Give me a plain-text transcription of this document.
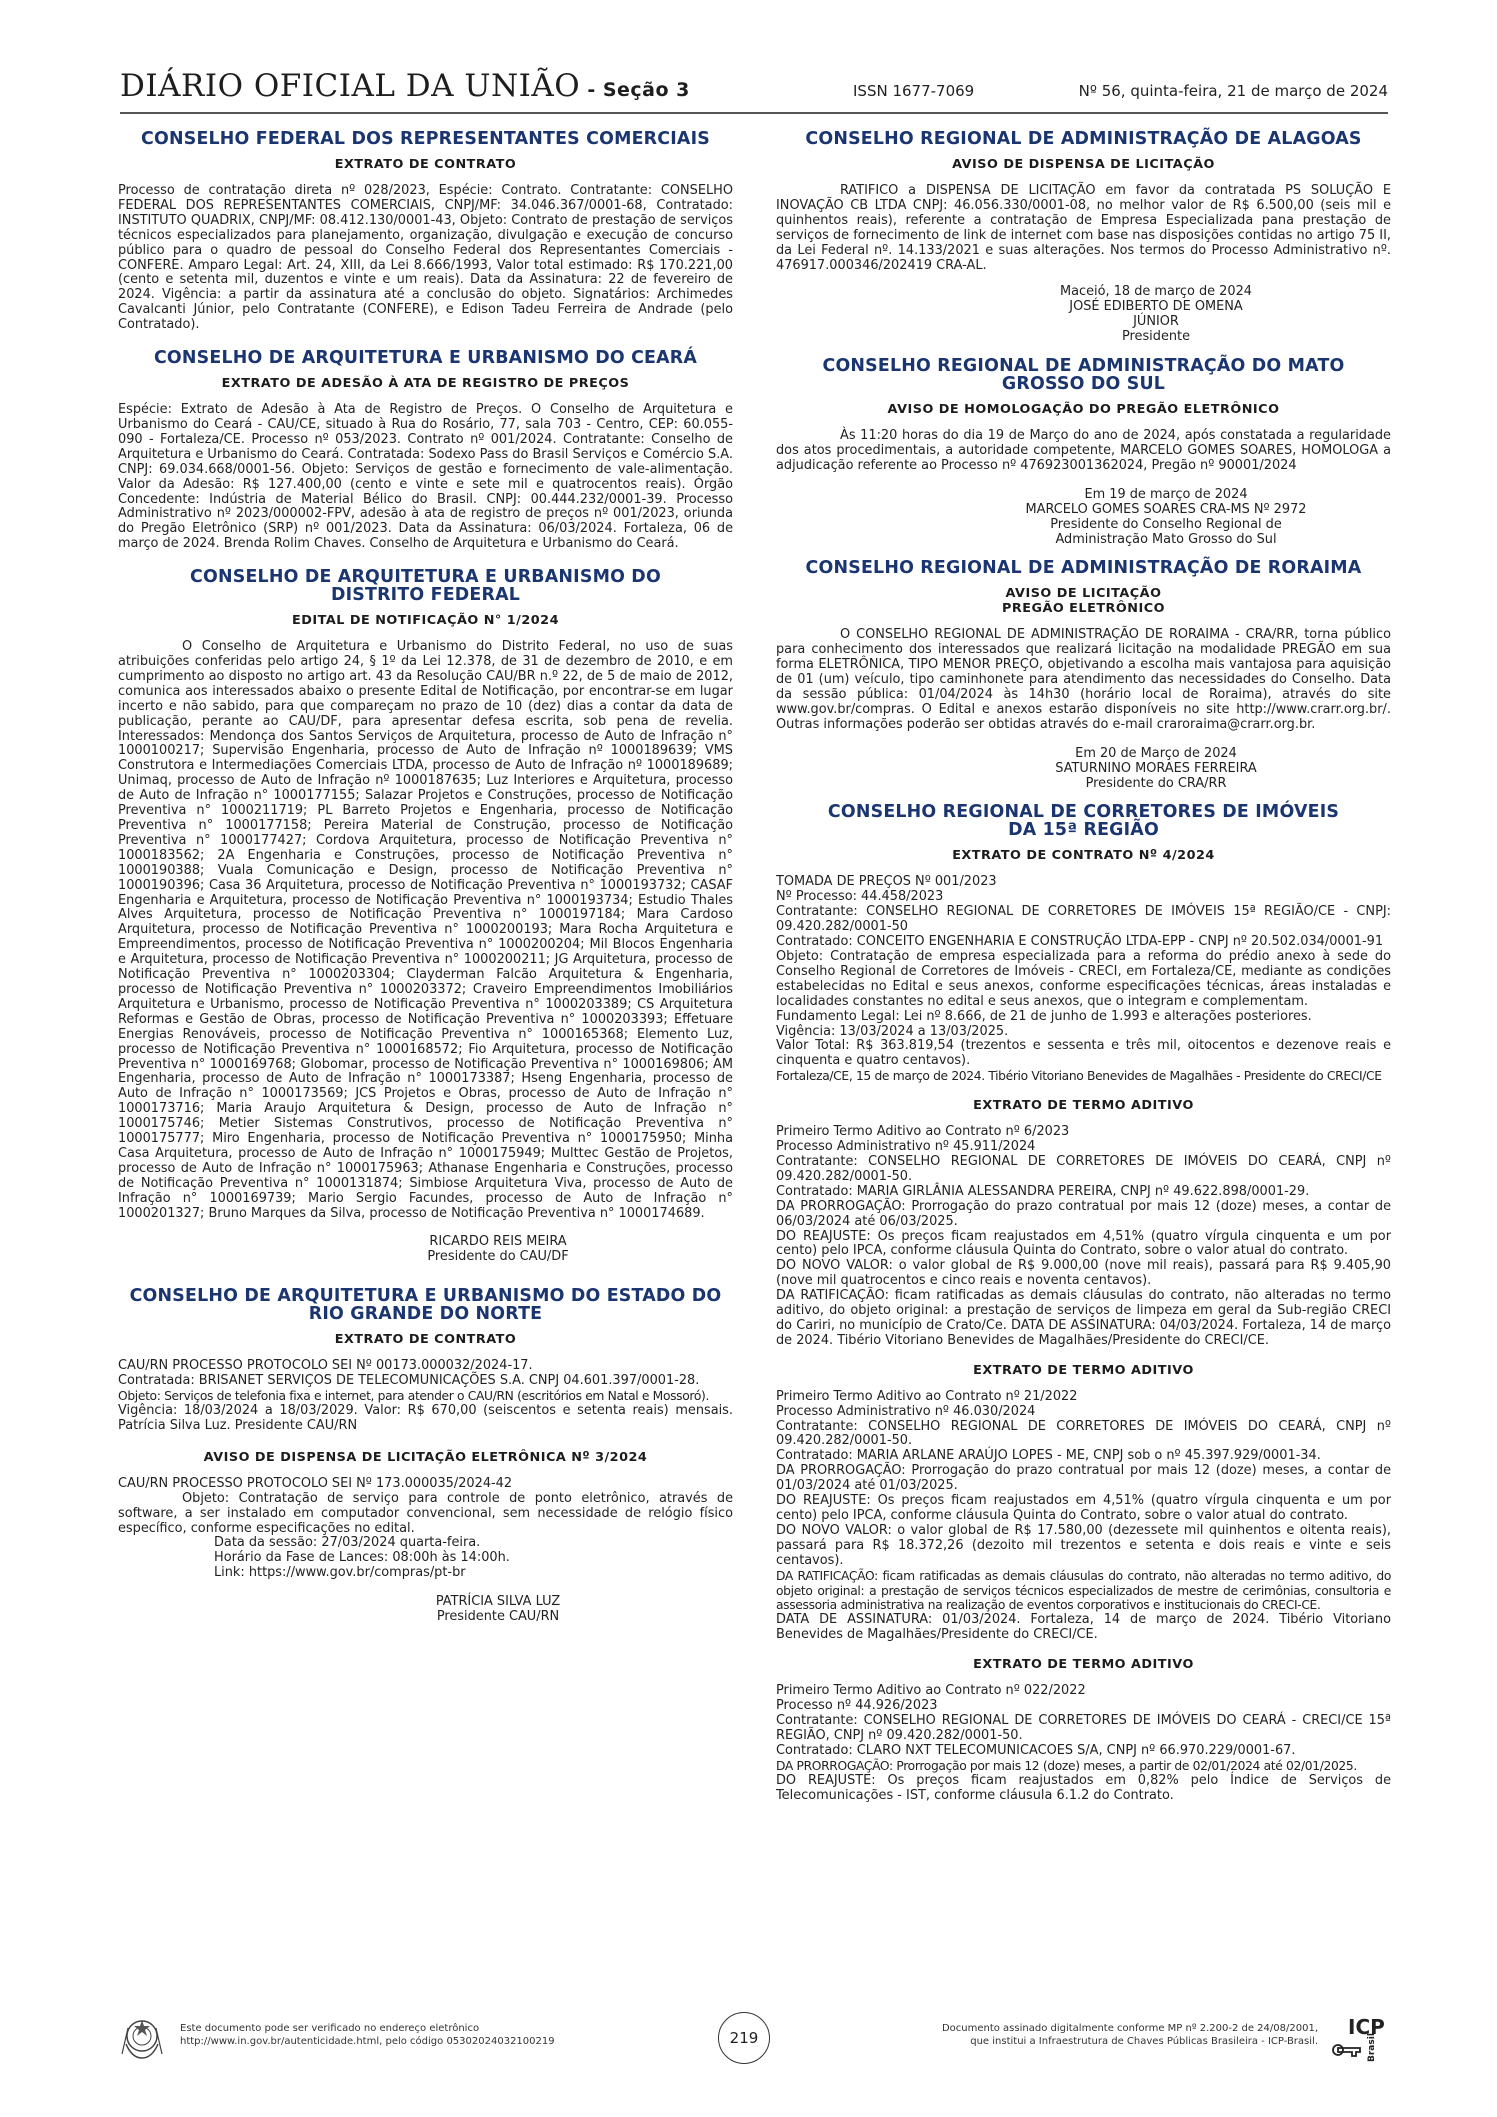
DIÁRIO OFICIAL DA UNIÃO - Seção 3	ISSN 1677-7069	Nº 56, quinta-feira, 21 de março de 2024
CONSELHO FEDERAL DOS REPRESENTANTES COMERCIAIS
EXTRATO DE CONTRATO

Processo de contratação direta nº 028/2023, Espécie: Contrato. Contratante: CONSELHO FEDERAL DOS REPRESENTANTES COMERCIAIS, CNPJ/MF: 34.046.367/0001-68, Contratado: INSTITUTO QUADRIX, CNPJ/MF: 08.412.130/0001-43, Objeto: Contrato de prestação de serviços técnicos especializados para planejamento, organização, divulgação e execução de concurso público para o quadro de pessoal do Conselho Federal dos Representantes Comerciais - CONFERE. Amparo Legal: Art. 24, XIII, da Lei 8.666/1993, Valor total estimado: R$ 170.221,00 (cento e setenta mil, duzentos e vinte e um reais). Data da Assinatura: 22 de fevereiro de 2024. Vigência: a partir da assinatura até a conclusão do objeto. Signatários: Archimedes Cavalcanti Júnior, pelo Contratante (CONFERE), e Edison Tadeu Ferreira de Andrade (pelo Contratado).

CONSELHO DE ARQUITETURA E URBANISMO DO CEARÁ
EXTRATO DE ADESÃO À ATA DE REGISTRO DE PREÇOS

Espécie: Extrato de Adesão à Ata de Registro de Preços. O Conselho de Arquitetura e Urbanismo do Ceará - CAU/CE, situado à Rua do Rosário, 77, sala 703 - Centro, CEP: 60.055-090 - Fortaleza/CE. Processo nº 053/2023. Contrato nº 001/2024. Contratante: Conselho de Arquitetura e Urbanismo do Ceará. Contratada: Sodexo Pass do Brasil Serviços e Comércio S.A. CNPJ: 69.034.668/0001-56. Objeto: Serviços de gestão e fornecimento de vale-alimentação. Valor da Adesão: R$ 127.400,00 (cento e vinte e sete mil e quatrocentos reais). Órgão Concedente: Indústria de Material Bélico do Brasil. CNPJ: 00.444.232/0001-39. Processo Administrativo nº 2023/000002-FPV, adesão à ata de registro de preços nº 001/2023, oriunda do Pregão Eletrônico (SRP) nº 001/2023. Data da Assinatura: 06/03/2024. Fortaleza, 06 de março de 2024. Brenda Rolim Chaves. Conselho de Arquitetura e Urbanismo do Ceará.

CONSELHO DE ARQUITETURA E URBANISMO DO DISTRITO FEDERAL
EDITAL DE NOTIFICAÇÃO N° 1/2024

O Conselho de Arquitetura e Urbanismo do Distrito Federal, no uso de suas atribuições conferidas pelo artigo 24, § 1º da Lei 12.378, de 31 de dezembro de 2010, e em cumprimento ao disposto no artigo art. 43 da Resolução CAU/BR n.º 22, de 5 de maio de 2012, comunica aos interessados abaixo o presente Edital de Notificação, por encontrar-se em lugar incerto e não sabido, para que compareçam no prazo de 10 (dez) dias a contar da data de publicação, perante ao CAU/DF, para apresentar defesa escrita, sob pena de revelia. Interessados: Mendonça dos Santos Serviços de Arquitetura, processo de Auto de Infração n° 1000100217; Supervisão Engenharia, processo de Auto de Infração nº 1000189639; VMS Construtora e Intermediações Comerciais LTDA, processo de Auto de Infração nº 1000189689; Unimaq, processo de Auto de Infração nº 1000187635; Luz Interiores e Arquitetura, processo de Auto de Infração n° 1000177155; Salazar Projetos e Construções, processo de Notificação Preventiva n° 1000211719; PL Barreto Projetos e Engenharia, processo de Notificação Preventiva n° 1000177158; Pereira Material de Construção, processo de Notificação Preventiva n° 1000177427; Cordova Arquitetura, processo de Notificação Preventiva n° 1000183562; 2A Engenharia e Construções, processo de Notificação Preventiva n° 1000190388; Vuala Comunicação e Design, processo de Notificação Preventiva n° 1000190396; Casa 36 Arquitetura, processo de Notificação Preventiva n° 1000193732; CASAF Engenharia e Arquitetura, processo de Notificação Preventiva n° 1000193734; Estudio Thales Alves Arquitetura, processo de Notificação Preventiva n° 1000197184; Mara Cardoso Arquitetura, processo de Notificação Preventiva n° 1000200193; Mara Rocha Arquitetura e Empreendimentos, processo de Notificação Preventiva n° 1000200204; Mil Blocos Engenharia e Arquitetura, processo de Notificação Preventiva n° 1000200211; JG Arquitetura, processo de Notificação Preventiva n° 1000203304; Clayderman Falcão Arquitetura & Engenharia, processo de Notificação Preventiva n° 1000203372; Craveiro Empreendimentos Imobiliários Arquitetura e Urbanismo, processo de Notificação Preventiva n° 1000203389; CS Arquitetura Reformas e Gestão de Obras, processo de Notificação Preventiva n° 1000203393; Effetuare Energias Renováveis, processo de Notificação Preventiva n° 1000165368; Elemento Luz, processo de Notificação Preventiva n° 1000168572; Fio Arquitetura, processo de Notificação Preventiva n° 1000169768; Globomar, processo de Notificação Preventiva n° 1000169806; AM Engenharia, processo de Auto de Infração n° 1000173387; Hseng Engenharia, processo de Auto de Infração n° 1000173569; JCS Projetos e Obras, processo de Auto de Infração n° 1000173716; Maria Araujo Arquitetura & Design, processo de Auto de Infração n° 1000175746; Metier Sistemas Construtivos, processo de Notificação Preventiva n° 1000175777; Miro Engenharia, processo de Notificação Preventiva n° 1000175950; Minha Casa Arquitetura, processo de Auto de Infração n° 1000175949; Multtec Gestão de Projetos, processo de Auto de Infração n° 1000175963; Athanase Engenharia e Construções, processo de Notificação Preventiva n° 1000131874; Simbiose Arquitetura Viva, processo de Auto de Infração n° 1000169739; Mario Sergio Facundes, processo de Auto de Infração n° 1000201327; Bruno Marques da Silva, processo de Notificação Preventiva n° 1000174689.

RICARDO REIS MEIRA
Presidente do CAU/DF
CONSELHO DE ARQUITETURA E URBANISMO DO ESTADO DO RIO GRANDE DO NORTE
EXTRATO DE CONTRATO

CAU/RN PROCESSO PROTOCOLO SEI Nº 00173.000032/2024-17.

Contratada: BRISANET SERVIÇOS DE TELECOMUNICAÇÕES S.A. CNPJ 04.601.397/0001-28.

Objeto: Serviços de telefonia fixa e internet, para atender o CAU/RN (escritórios em Natal e Mossoró).

Vigência: 18/03/2024 a 18/03/2029. Valor: R$ 670,00 (seiscentos e setenta reais) mensais. Patrícia Silva Luz. Presidente CAU/RN

AVISO DE DISPENSA DE LICITAÇÃO ELETRÔNICA Nº 3/2024

CAU/RN PROCESSO PROTOCOLO SEI Nº 173.000035/2024-42

Objeto: Contratação de serviço para controle de ponto eletrônico, através de software, a ser instalado em computador convencional, sem necessidade de relógio físico específico, conforme especificações no edital.

Data da sessão: 27/03/2024 quarta-feira.
Horário da Fase de Lances: 08:00h às 14:00h.
Link: https://www.gov.br/compras/pt-br
PATRÍCIA SILVA LUZ
Presidente CAU/RN
CONSELHO REGIONAL DE ADMINISTRAÇÃO DE ALAGOAS
AVISO DE DISPENSA DE LICITAÇÃO

RATIFICO a DISPENSA DE LICITAÇÃO em favor da contratada PS SOLUÇÃO E INOVAÇÃO CB LTDA CNPJ: 46.056.330/0001-08, no melhor valor de R$ 6.500,00 (seis mil e quinhentos reais), referente a contratação de Empresa Especializada pana prestação de serviços de fornecimento de link de internet com base nas disposições contidas no artigo 75 II, da Lei Federal nº. 14.133/2021 e suas alterações. Nos termos do Processo Administrativo nº. 476917.000346/202419 CRA-AL.

Maceió, 18 de março de 2024
JOSÉ EDIBERTO DE OMENA JÚNIOR
Presidente
CONSELHO REGIONAL DE ADMINISTRAÇÃO DO MATO GROSSO DO SUL
AVISO DE HOMOLOGAÇÃO DO PREGÃO ELETRÔNICO

Às 11:20 horas do dia 19 de Março do ano de 2024, após constatada a regularidade dos atos procedimentais, a autoridade competente, MARCELO GOMES SOARES, HOMOLOGA a adjudicação referente ao Processo nº 476923001362024, Pregão nº 90001/2024

Em 19 de março de 2024
MARCELO GOMES SOARES CRA-MS Nº 2972
Presidente do Conselho Regional de Administração Mato Grosso do Sul
CONSELHO REGIONAL DE ADMINISTRAÇÃO DE RORAIMA
AVISO DE LICITAÇÃO
PREGÃO ELETRÔNICO

O CONSELHO REGIONAL DE ADMINISTRAÇÃO DE RORAIMA - CRA/RR, torna público para conhecimento dos interessados que realizará licitação na modalidade PREGÃO em sua forma ELETRÔNICA, TIPO MENOR PREÇO, objetivando a escolha mais vantajosa para aquisição de 01 (um) veículo, tipo caminhonete para atendimento das necessidades do Conselho. Data da sessão pública: 01/04/2024 às 14h30 (horário local de Roraima), através do site www.gov.br/compras. O Edital e anexos estarão disponíveis no site http://www.crarr.org.br/. Outras informações poderão ser obtidas através do e-mail craroraima@crarr.org.br.

Em 20 de Março de 2024
SATURNINO MORAES FERREIRA
Presidente do CRA/RR
CONSELHO REGIONAL DE CORRETORES DE IMÓVEIS DA 15ª REGIÃO
EXTRATO DE CONTRATO Nº 4/2024

TOMADA DE PREÇOS Nº 001/2023

Nº Processo: 44.458/2023

Contratante: CONSELHO REGIONAL DE CORRETORES DE IMÓVEIS 15ª REGIÃO/CE - CNPJ: 09.420.282/0001-50

Contratado: CONCEITO ENGENHARIA E CONSTRUÇÃO LTDA-EPP - CNPJ nº 20.502.034/0001-91

Objeto: Contratação de empresa especializada para a reforma do prédio anexo à sede do Conselho Regional de Corretores de Imóveis - CRECI, em Fortaleza/CE, mediante as condições estabelecidas no Edital e seus anexos, conforme especificações técnicas, áreas instaladas e localidades constantes no edital e seus anexos, que o integram e complementam.

Fundamento Legal: Lei nº 8.666, de 21 de junho de 1.993 e alterações posteriores.

Vigência: 13/03/2024 a 13/03/2025.

Valor Total: R$ 363.819,54 (trezentos e sessenta e três mil, oitocentos e dezenove reais e cinquenta e quatro centavos).

Fortaleza/CE, 15 de março de 2024. Tibério Vitoriano Benevides de Magalhães - Presidente do CRECI/CE

EXTRATO DE TERMO ADITIVO

Primeiro Termo Aditivo ao Contrato nº 6/2023

Processo Administrativo nº 45.911/2024

Contratante: CONSELHO REGIONAL DE CORRETORES DE IMÓVEIS DO CEARÁ, CNPJ nº 09.420.282/0001-50.

Contratado: MARIA GIRLÂNIA ALESSANDRA PEREIRA, CNPJ nº 49.622.898/0001-29.

DA PRORROGAÇÃO: Prorrogação do prazo contratual por mais 12 (doze) meses, a contar de 06/03/2024 até 06/03/2025.

DO REAJUSTE: Os preços ficam reajustados em 4,51% (quatro vírgula cinquenta e um por cento) pelo IPCA, conforme cláusula Quinta do Contrato, sobre o valor atual do contrato.

DO NOVO VALOR: o valor global de R$ 9.000,00 (nove mil reais), passará para R$ 9.405,90 (nove mil quatrocentos e cinco reais e noventa centavos).

DA RATIFICAÇÃO: ficam ratificadas as demais cláusulas do contrato, não alteradas no termo aditivo, do objeto original: a prestação de serviços de limpeza em geral da Sub-região CRECI do Cariri, no município de Crato/Ce. DATA DE ASSINATURA: 04/03/2024. Fortaleza, 14 de março de 2024. Tibério Vitoriano Benevides de Magalhães/Presidente do CRECI/CE.

EXTRATO DE TERMO ADITIVO

Primeiro Termo Aditivo ao Contrato nº 21/2022

Processo Administrativo nº 46.030/2024

Contratante: CONSELHO REGIONAL DE CORRETORES DE IMÓVEIS DO CEARÁ, CNPJ nº 09.420.282/0001-50.

Contratado: MARIA ARLANE ARAÚJO LOPES - ME, CNPJ sob o nº 45.397.929/0001-34.

DA PRORROGAÇÃO: Prorrogação do prazo contratual por mais 12 (doze) meses, a contar de 01/03/2024 até 01/03/2025.

DO REAJUSTE: Os preços ficam reajustados em 4,51% (quatro vírgula cinquenta e um por cento) pelo IPCA, conforme cláusula Quinta do Contrato, sobre o valor atual do contrato.

DO NOVO VALOR: o valor global de R$ 17.580,00 (dezessete mil quinhentos e oitenta reais), passará para R$ 18.372,26 (dezoito mil trezentos e setenta e dois reais e vinte e seis centavos).

DA RATIFICAÇÃO: ficam ratificadas as demais cláusulas do contrato, não alteradas no termo aditivo, do objeto original: a prestação de serviços técnicos especializados de mestre de cerimônias, consultoria e assessoria administrativa na realização de eventos corporativos e institucionais do CRECI-CE.

DATA DE ASSINATURA: 01/03/2024. Fortaleza, 14 de março de 2024. Tibério Vitoriano Benevides de Magalhães/Presidente do CRECI/CE.

EXTRATO DE TERMO ADITIVO

Primeiro Termo Aditivo ao Contrato nº 022/2022

Processo nº 44.926/2023

Contratante: CONSELHO REGIONAL DE CORRETORES DE IMÓVEIS DO CEARÁ - CRECI/CE 15ª REGIÃO, CNPJ nº 09.420.282/0001-50.

Contratado: CLARO NXT TELECOMUNICACOES S/A, CNPJ nº 66.970.229/0001-67.

DA PRORROGAÇÃO: Prorrogação por mais 12 (doze) meses, a partir de 02/01/2024 até 02/01/2025.

DO REAJUSTE: Os preços ficam reajustados em 0,82% pelo Índice de Serviços de Telecomunicações - IST, conforme cláusula 6.1.2 do Contrato.

Este documento pode ser verificado no endereço eletrônico
http://www.in.gov.br/autenticidade.html, pelo código 05302024032100219	219
Documento assinado digitalmente conforme MP nº 2.200-2 de 24/08/2001,
que institui a Infraestrutura de Chaves Públicas Brasileira - ICP-Brasil.
ICP
Brasil
